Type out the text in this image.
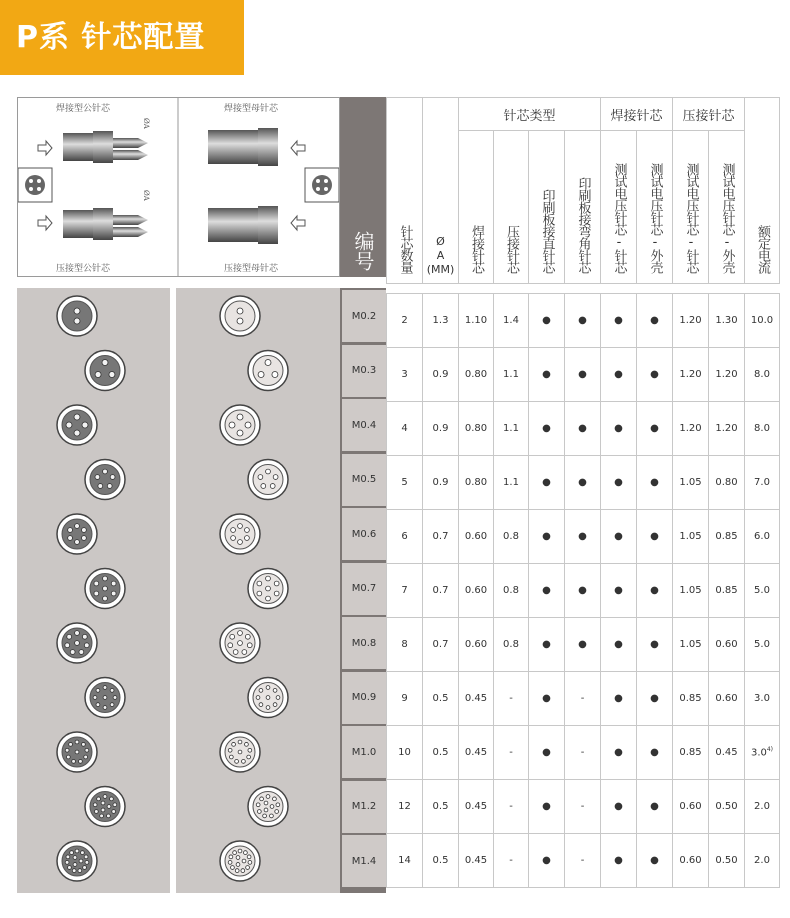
P系 针芯配置
焊接型公针芯	焊接型母针芯
压接型公针芯	压接型母针芯
ØA
ØA
编号
M0.2
M0.3
M0.4
M0.5
M0.6
M0.7
M0.8
M0.9
M1.0
M1.2
M1.4
针芯数量	Ø
A
(MM)	针芯类型				焊接针芯		压接针芯		额定电流
		焊接针芯	压接针芯	印刷板接直针芯	印刷板接弯角针芯	测试电压针芯-针芯	测试电压针芯-外壳	测试电压针芯-针芯	测试电压针芯-外壳	

2	1.3	1.10	1.4	●	●	●	●	1.20	1.30	10.0
3	0.9	0.80	1.1	●	●	●	●	1.20	1.20	8.0
4	0.9	0.80	1.1	●	●	●	●	1.20	1.20	8.0
5	0.9	0.80	1.1	●	●	●	●	1.05	0.80	7.0
6	0.7	0.60	0.8	●	●	●	●	1.05	0.85	6.0
7	0.7	0.60	0.8	●	●	●	●	1.05	0.85	5.0
8	0.7	0.60	0.8	●	●	●	●	1.05	0.60	5.0
9	0.5	0.45	-	●	-	●	●	0.85	0.60	3.0
10	0.5	0.45	-	●	-	●	●	0.85	0.45	3.0$^{4)}$
12	0.5	0.45	-	●	-	●	●	0.60	0.50	2.0
14	0.5	0.45	-	●	-	●	●	0.60	0.50	2.0
